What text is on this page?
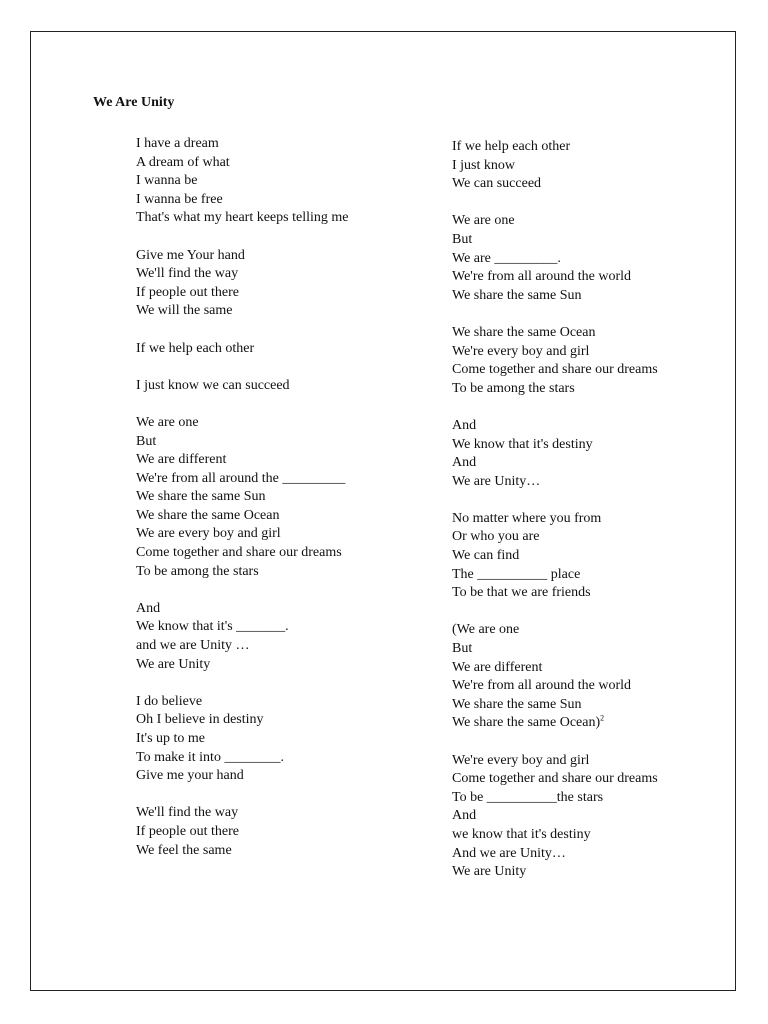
We Are Unity
I have a dream
A dream of what
I wanna be
I wanna be free
That's what my heart keeps telling me
Give me Your hand
We'll find the way
If people out there
We will the same
If we help each other
I just know we can succeed
We are one
But
We are different
We're from all around the _________
We share the same Sun
We share the same Ocean
We are every boy and girl
Come together and share our dreams
To be among the stars
And
We know that it's _______.
and we are Unity …
We are Unity
I do believe
Oh I believe in destiny
It's up to me
To make it into ________.
Give me your hand
We'll find the way
If people out there
We feel the same
If we help each other
I just know
We can succeed
We are one
But
We are _________.
We're from all around the world
We share the same Sun
We share the same Ocean
We're every boy and girl
Come together and share our dreams
To be among the stars
And
We know that it's destiny
And
We are Unity…
No matter where you from
Or who you are
We can find
The __________ place
To be that we are friends
(We are one
But
We are different
We're from all around the world
We share the same Sun
We share the same Ocean)$^2$
We're every boy and girl
Come together and share our dreams
To be __________the stars
And
we know that it's destiny
And we are Unity…
We are Unity
